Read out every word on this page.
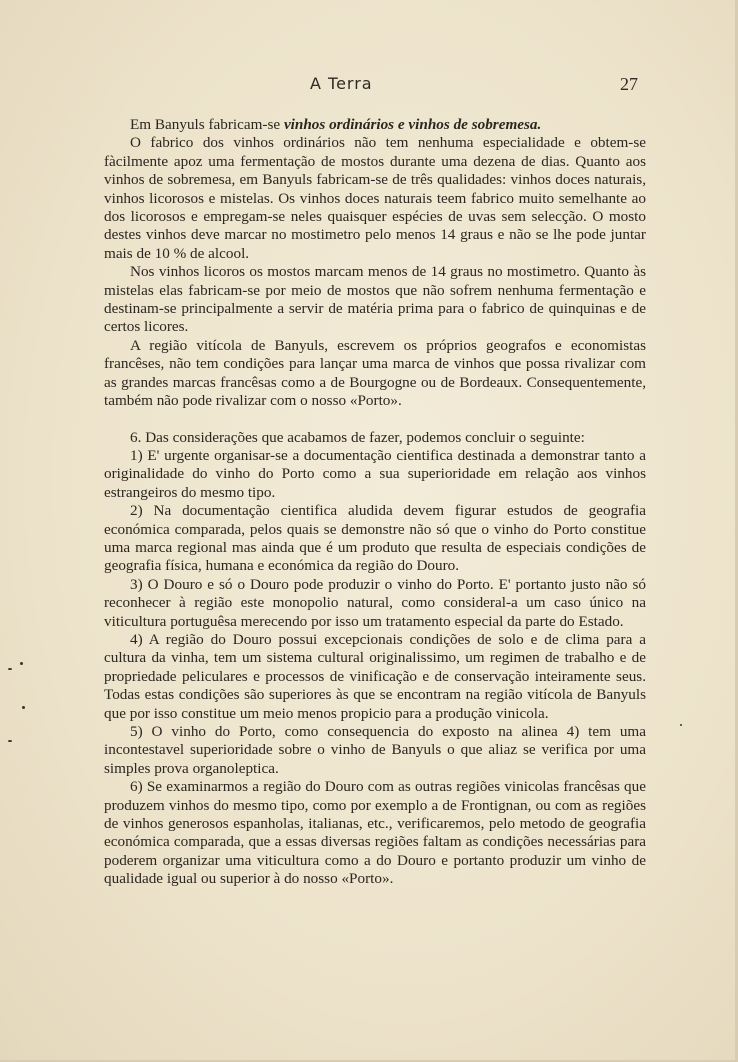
A Terra	27

Em Banyuls fabricam-se vinhos ordinários e vinhos de sobremesa.

O fabrico dos vinhos ordinários não tem nenhuma especialidade e obtem-se fàcilmente apoz uma fermentação de mostos durante uma dezena de dias. Quanto aos vinhos de sobremesa, em Banyuls fabricam-se de três qualidades: vinhos doces naturais, vinhos licorosos e mistelas. Os vinhos doces naturais teem fabrico muito semelhante ao dos licorosos e empregam-se neles quaisquer espécies de uvas sem selecção. O mosto destes vinhos deve marcar no mostimetro pelo menos 14 graus e não se lhe pode juntar mais de 10 % de alcool.

Nos vinhos licoros os mostos marcam menos de 14 graus no mostimetro. Quanto às mistelas elas fabricam-se por meio de mostos que não sofrem nenhuma fermentação e destinam-se principalmente a servir de matéria prima para o fabrico de quinquinas e de certos licores.

A região vitícola de Banyuls, escrevem os próprios geografos e economistas francêses, não tem condições para lançar uma marca de vinhos que possa rivalizar com as grandes marcas francêsas como a de Bourgogne ou de Bordeaux. Consequentemente, também não pode rivalizar com o nosso «Porto».

6. Das considerações que acabamos de fazer, podemos concluir o seguinte:

1) E' urgente organisar-se a documentação cientifica destinada a demonstrar tanto a originalidade do vinho do Porto como a sua superioridade em relação aos vinhos estrangeiros do mesmo tipo.

2) Na documentação cientifica aludida devem figurar estudos de geografia económica comparada, pelos quais se demonstre não só que o vinho do Porto constitue uma marca regional mas ainda que é um produto que resulta de especiais condições de geografia física, humana e económica da região do Douro.

3) O Douro e só o Douro pode produzir o vinho do Porto. E' portanto justo não só reconhecer à região este monopolio natural, como consideral-a um caso único na viticultura portuguêsa merecendo por isso um tratamento especial da parte do Estado.

4) A região do Douro possui excepcionais condições de solo e de clima para a cultura da vinha, tem um sistema cultural originalissimo, um regimen de trabalho e de propriedade peliculares e processos de vinificação e de conservação inteiramente seus. Todas estas condições são superiores às que se encontram na região vitícola de Banyuls que por isso constitue um meio menos propicio para a produção vinicola.

5) O vinho do Porto, como consequencia do exposto na alinea 4) tem uma incontestavel superioridade sobre o vinho de Banyuls o que aliaz se verifica por uma simples prova organoleptica.

6) Se examinarmos a região do Douro com as outras regiões vinicolas francêsas que produzem vinhos do mesmo tipo, como por exemplo a de Frontignan, ou com as regiões de vinhos generosos espanholas, italianas, etc., verificaremos, pelo metodo de geografia económica comparada, que a essas diversas regiões faltam as condições necessárias para poderem organizar uma viticultura como a do Douro e portanto produzir um vinho de qualidade igual ou superior à do nosso «Porto».
